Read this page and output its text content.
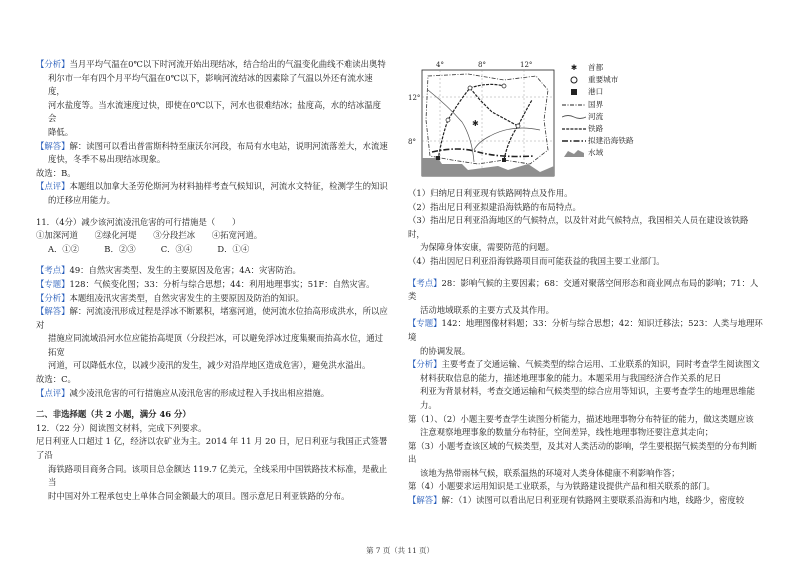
【分析】当月平均气温在0℃以下时河流开始出现结冰，结合给出的气温变化曲线不难读出奥特

利尔市一年有四个月平均气温在0℃以下，影响河流结冰的因素除了气温以外还有流水速度，

河水盐度等。当水流速度过快，即使在0℃以下，河水也很难结冰；盐度高，水的结冰温度会

降低。

【解答】解：读图可以看出普雷斯科特至康沃尔河段，布局有水电站，说明河流落差大，水流速

度快，冬季不易出现结冰现象。

故选：B。

【点评】本题组以加拿大圣劳伦斯河为材料抽样考查气候知识，河流水文特征，检测学生的知识

的迁移应用能力。

11．（4分）减少该河流凌汛危害的可行措施是（　　）

①加深河道　　②绿化河堤　　③分段拦冰　　④拓宽河道。

A．①②　　　B．②③　　　C．③④　　　D．①④

【考点】49：自然灾害类型、发生的主要原因及危害；4A：灾害防治。

【专题】128：气候变化图；33：分析与综合思想；44：利用地理事实；51F：自然灾害。

【分析】本题组凌汛灾害类型，自然灾害发生的主要原因及防治的知识。

【解答】解：河流凌汛形成过程是浮冰不断累积，堵塞河道，使河流水位抬高形成洪水，所以应对

措施应同流域沿河水位应能抬高堤顶（分段拦冰，可以避免浮冰过度集聚而抬高水位，通过拓宽

河道，可以降低水位，以减少凌汛的发生，减少对沿岸地区造成危害），避免洪水溢出。

故选：C。

【点评】减少凌汛危害的可行措施应从凌汛危害的形成过程入手找出相应措施。

二、非选择题（共 2 小题，满分 46 分）

12．（22 分）阅读图文材料，完成下列要求。

尼日利亚人口超过 1 亿，经济以农矿业为主。2014 年 11 月 20 日，尼日利亚与我国正式签署了沿

海铁路项目商务合同。该项目总金额达 119.7 亿美元，全线采用中国铁路技术标准，是截止当

时中国对外工程承包史上单体合同金额最大的项目。图示意尼日利亚铁路的分布。

4°	8°	12°
12°
8°
✱
✱	首都
重要城市
港口
国界
河流
铁路
拟建沿海铁路
水域

（1）归纳尼日利亚现有铁路网特点及作用。

（2）指出尼日利亚拟建沿海铁路的布局特点。

（3）指出尼日利亚沿海地区的气候特点，以及针对此气候特点，我国相关人员在建设该铁路时，

为保障身体安康，需要防范的问题。

（4）指出因尼日利亚沿海铁路项目而可能获益的我国主要工业部门。

【考点】28：影响气候的主要因素；68：交通对聚落空间形态和商业网点布局的影响；71：人类

活动地域联系的主要方式及其作用。

【专题】142：地理图像材料题；33：分析与综合思想；42：知识迁移法；523：人类与地理环境

的协调发展。

【分析】主要考查了交通运输、气候类型的综合运用、工业联系的知识，同时考查学生阅读图文

材料获取信息的能力，描述地理事象的能力。本题采用与我国经济合作关系的尼日

利亚为背景材料，考查交通运输和气候类型的综合应用等知识，主要考查学生的地理思维能

力。

第（1）、（2）小题主要考查学生读图分析能力，描述地理事物分布特征的能力，做这类题应该

注意观察地理事象的数量分布特征，空间差异，线性地理事物还要注意其走向；

第（3）小题考查该区域的气候类型，及其对人类活动的影响，学生要根据气候类型的分布判断出

该地为热带雨林气候，联系温热的环境对人类身体健康不利影响作答；

第（4）小题要求运用知识是工业联系，与为铁路建设提供产品和相关联系的部门。

【解答】解：（1）读图可以看出尼日利亚现有铁路网主要联系沿海和内地，线路少，密度较

第 7 页（共 11 页）
